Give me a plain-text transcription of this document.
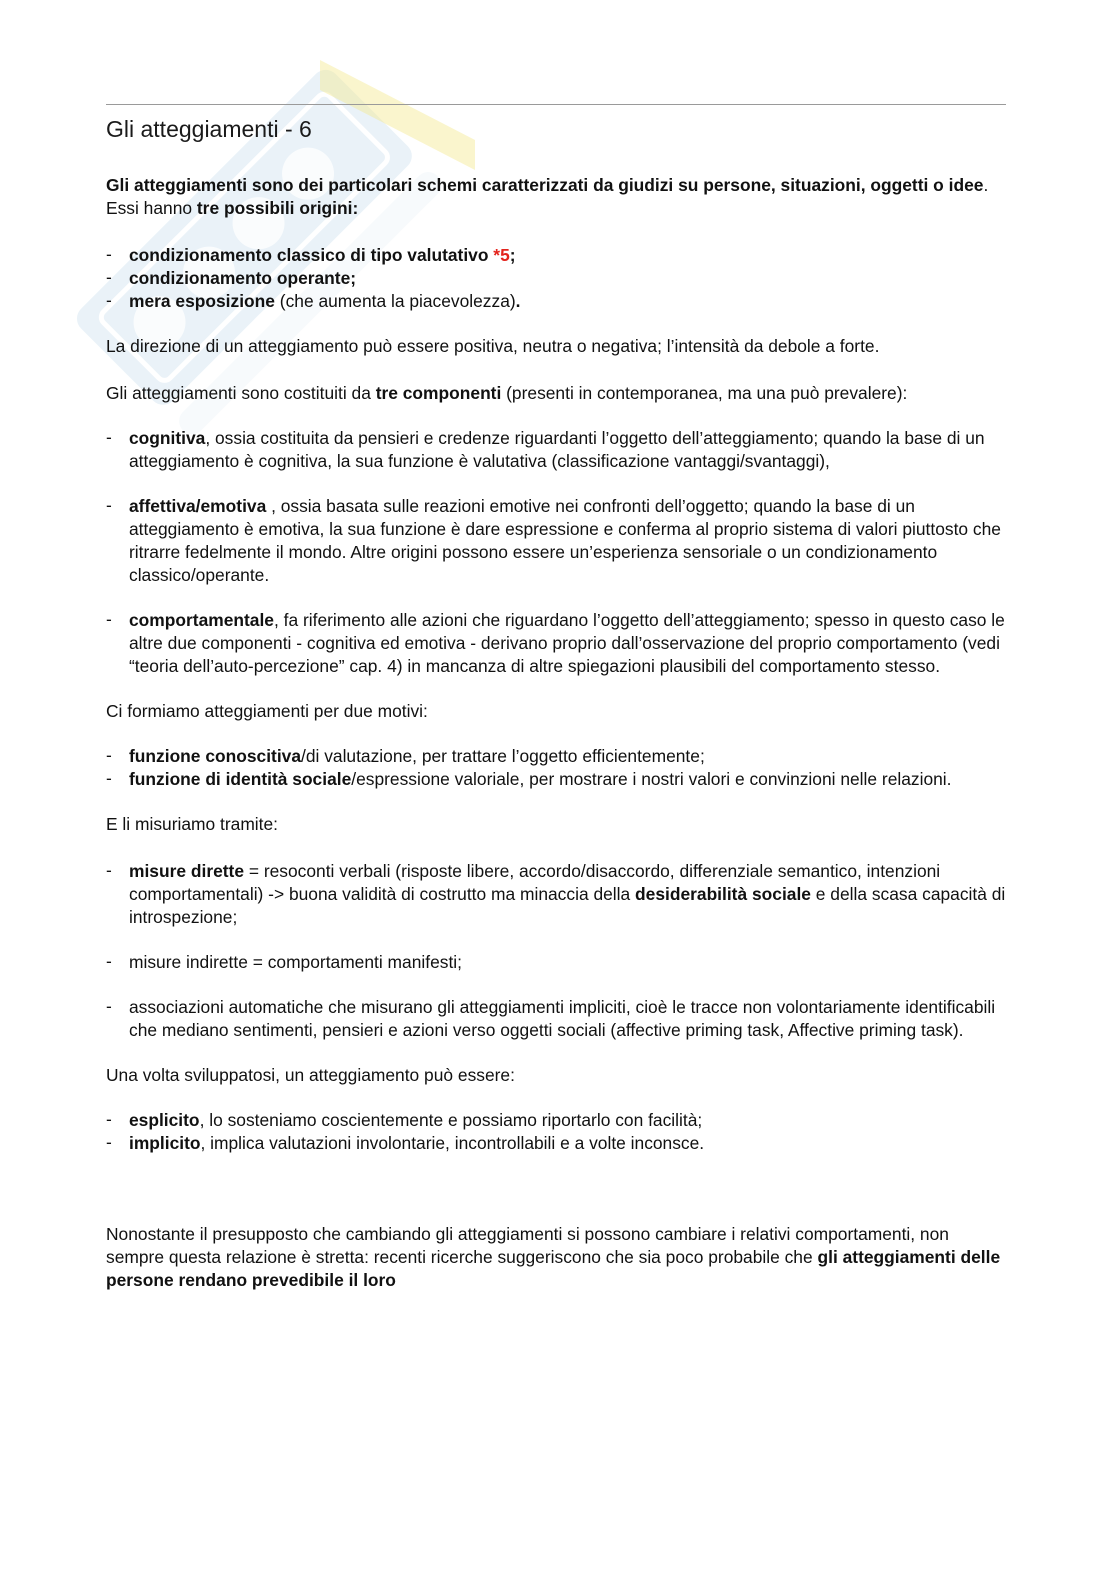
Gli atteggiamenti - 6

Gli atteggiamenti sono dei particolari schemi caratterizzati da giudizi su persone, situazioni, oggetti o idee. Essi hanno tre possibili origini:

- condizionamento classico di tipo valutativo *5;
- condizionamento operante;
- mera esposizione (che aumenta la piacevolezza).

La direzione di un atteggiamento può essere positiva, neutra o negativa; l’intensità da debole a forte.

Gli atteggiamenti sono costituiti da tre componenti (presenti in contemporanea, ma una può prevalere):

- cognitiva, ossia costituita da pensieri e credenze riguardanti l’oggetto dell’atteggiamento; quando la base di un atteggiamento è cognitiva, la sua funzione è valutativa (classificazione vantaggi/svantaggi),
- affettiva/emotiva , ossia basata sulle reazioni emotive nei confronti dell’oggetto; quando la base di un atteggiamento è emotiva, la sua funzione è dare espressione e conferma al proprio sistema di valori piuttosto che ritrarre fedelmente il mondo. Altre origini possono essere un’esperienza sensoriale o un condizionamento classico/operante.
- comportamentale, fa riferimento alle azioni che riguardano l’oggetto dell’atteggiamento; spesso in questo caso le altre due componenti - cognitiva ed emotiva - derivano proprio dall’osservazione del proprio comportamento (vedi “teoria dell’auto-percezione” cap. 4) in mancanza di altre spiegazioni plausibili del comportamento stesso.

Ci formiamo atteggiamenti per due motivi:

- funzione conoscitiva/di valutazione, per trattare l’oggetto efficientemente;
- funzione di identità sociale/espressione valoriale, per mostrare i nostri valori e convinzioni nelle relazioni.

E li misuriamo tramite:

- misure dirette = resoconti verbali (risposte libere, accordo/disaccordo, differenziale semantico, intenzioni comportamentali) -> buona validità di costrutto ma minaccia della desiderabilità sociale e della scasa capacità di introspezione;
- misure indirette = comportamenti manifesti;
- associazioni automatiche che misurano gli atteggiamenti impliciti, cioè le tracce non volontariamente identificabili che mediano sentimenti, pensieri e azioni verso oggetti sociali (affective priming task, Affective priming task).

Una volta sviluppatosi, un atteggiamento può essere:

- esplicito, lo sosteniamo coscientemente e possiamo riportarlo con facilità;
- implicito, implica valutazioni involontarie, incontrollabili e a volte inconsce.

Nonostante il presupposto che cambiando gli atteggiamenti si possono cambiare i relativi comportamenti, non sempre questa relazione è stretta: recenti ricerche suggeriscono che sia poco probabile che gli atteggiamenti delle persone rendano prevedibile il loro
